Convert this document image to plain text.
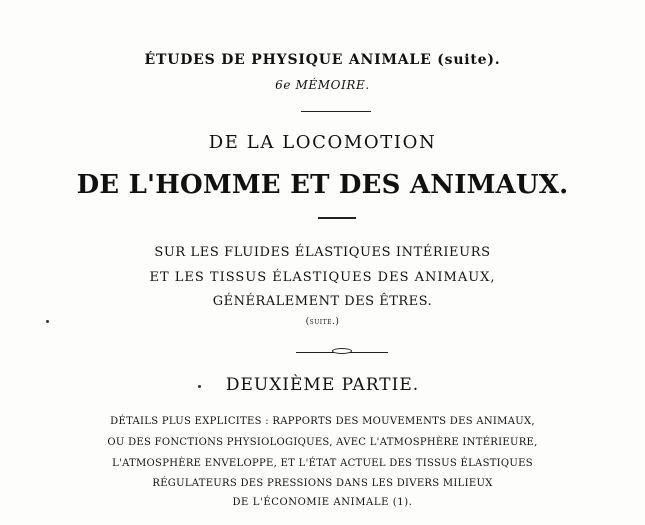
ÉTUDES DE PHYSIQUE ANIMALE (suite).
6e MÉMOIRE.
DE LA LOCOMOTION
DE L'HOMME ET DES ANIMAUX.
SUR LES FLUIDES ÉLASTIQUES INTÉRIEURS
ET LES TISSUS ÉLASTIQUES DES ANIMAUX,
GÉNÉRALEMENT DES ÊTRES.
(suite.)
DEUXIÈME PARTIE.
DÉTAILS PLUS EXPLICITES : RAPPORTS DES MOUVEMENTS DES ANIMAUX,
OU DES FONCTIONS PHYSIOLOGIQUES, AVEC L'ATMOSPHÈRE INTÉRIEURE,
L'ATMOSPHÈRE ENVELOPPE, ET L'ÉTAT ACTUEL DES TISSUS ÉLASTIQUES
RÉGULATEURS DES PRESSIONS DANS LES DIVERS MILIEUX
DE L'ÉCONOMIE ANIMALE (1).
